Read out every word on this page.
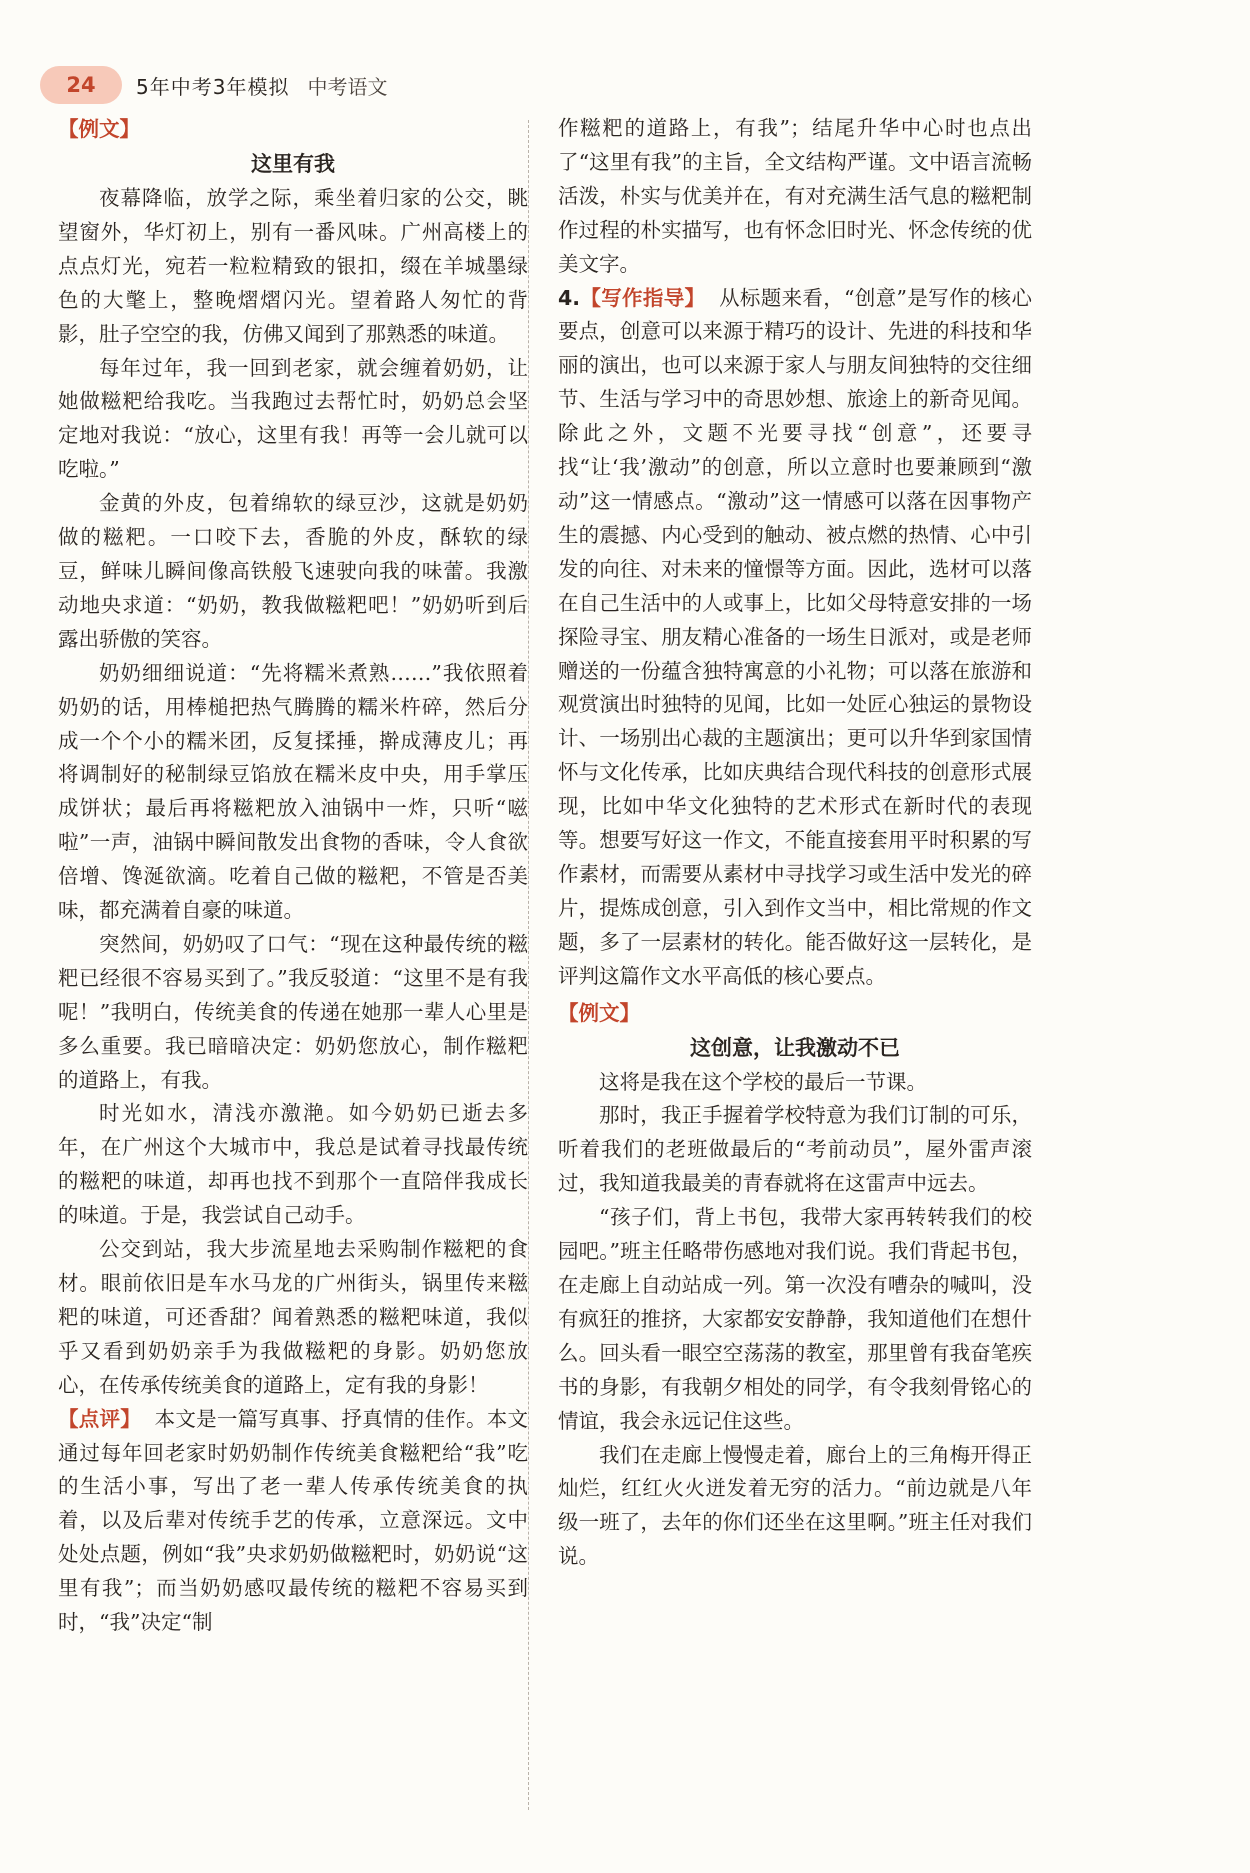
24	5年中考3年模拟 中考语文
【例文】
这里有我

夜幕降临，放学之际，乘坐着归家的公交，眺望窗外，华灯初上，别有一番风味。广州高楼上的点点灯光，宛若一粒粒精致的银扣，缀在羊城墨绿色的大氅上，整晚熠熠闪光。望着路人匆忙的背影，肚子空空的我，仿佛又闻到了那熟悉的味道。

每年过年，我一回到老家，就会缠着奶奶，让她做糍粑给我吃。当我跑过去帮忙时，奶奶总会坚定地对我说：“放心，这里有我！再等一会儿就可以吃啦。”

金黄的外皮，包着绵软的绿豆沙，这就是奶奶做的糍粑。一口咬下去，香脆的外皮，酥软的绿豆，鲜味儿瞬间像高铁般飞速驶向我的味蕾。我激动地央求道：“奶奶，教我做糍粑吧！”奶奶听到后露出骄傲的笑容。

奶奶细细说道：“先将糯米煮熟……”我依照着奶奶的话，用棒槌把热气腾腾的糯米杵碎，然后分成一个个小的糯米团，反复揉捶，擀成薄皮儿；再将调制好的秘制绿豆馅放在糯米皮中央，用手掌压成饼状；最后再将糍粑放入油锅中一炸，只听“嗞啦”一声，油锅中瞬间散发出食物的香味，令人食欲倍增、馋涎欲滴。吃着自己做的糍粑，不管是否美味，都充满着自豪的味道。

突然间，奶奶叹了口气：“现在这种最传统的糍粑已经很不容易买到了。”我反驳道：“这里不是有我呢！”我明白，传统美食的传递在她那一辈人心里是多么重要。我已暗暗决定：奶奶您放心，制作糍粑的道路上，有我。

时光如水，清浅亦激滟。如今奶奶已逝去多年，在广州这个大城市中，我总是试着寻找最传统的糍粑的味道，却再也找不到那个一直陪伴我成长的味道。于是，我尝试自己动手。

公交到站，我大步流星地去采购制作糍粑的食材。眼前依旧是车水马龙的广州街头，锅里传来糍粑的味道，可还香甜？闻着熟悉的糍粑味道，我似乎又看到奶奶亲手为我做糍粑的身影。奶奶您放心，在传承传统美食的道路上，定有我的身影！

【点评】 本文是一篇写真事、抒真情的佳作。本文通过每年回老家时奶奶制作传统美食糍粑给“我”吃的生活小事，写出了老一辈人传承传统美食的执着，以及后辈对传统手艺的传承，立意深远。文中处处点题，例如“我”央求奶奶做糍粑时，奶奶说“这里有我”；而当奶奶感叹最传统的糍粑不容易买到时，“我”决定“制

作糍粑的道路上，有我”；结尾升华中心时也点出了“这里有我”的主旨，全文结构严谨。文中语言流畅活泼，朴实与优美并在，有对充满生活气息的糍粑制作过程的朴实描写，也有怀念旧时光、怀念传统的优美文字。

4.【写作指导】 从标题来看，“创意”是写作的核心要点，创意可以来源于精巧的设计、先进的科技和华丽的演出，也可以来源于家人与朋友间独特的交往细节、生活与学习中的奇思妙想、旅途上的新奇见闻。除此之外，文题不光要寻找“创意”，还要寻找“让‘我’激动”的创意，所以立意时也要兼顾到“激动”这一情感点。“激动”这一情感可以落在因事物产生的震撼、内心受到的触动、被点燃的热情、心中引发的向往、对未来的憧憬等方面。因此，选材可以落在自己生活中的人或事上，比如父母特意安排的一场探险寻宝、朋友精心准备的一场生日派对，或是老师赠送的一份蕴含独特寓意的小礼物；可以落在旅游和观赏演出时独特的见闻，比如一处匠心独运的景物设计、一场别出心裁的主题演出；更可以升华到家国情怀与文化传承，比如庆典结合现代科技的创意形式展现，比如中华文化独特的艺术形式在新时代的表现等。想要写好这一作文，不能直接套用平时积累的写作素材，而需要从素材中寻找学习或生活中发光的碎片，提炼成创意，引入到作文当中，相比常规的作文题，多了一层素材的转化。能否做好这一层转化，是评判这篇作文水平高低的核心要点。

【例文】
这创意，让我激动不已

这将是我在这个学校的最后一节课。

那时，我正手握着学校特意为我们订制的可乐，听着我们的老班做最后的“考前动员”，屋外雷声滚过，我知道我最美的青春就将在这雷声中远去。

“孩子们，背上书包，我带大家再转转我们的校园吧。”班主任略带伤感地对我们说。我们背起书包，在走廊上自动站成一列。第一次没有嘈杂的喊叫，没有疯狂的推挤，大家都安安静静，我知道他们在想什么。回头看一眼空空荡荡的教室，那里曾有我奋笔疾书的身影，有我朝夕相处的同学，有令我刻骨铭心的情谊，我会永远记住这些。

我们在走廊上慢慢走着，廊台上的三角梅开得正灿烂，红红火火迸发着无穷的活力。“前边就是八年级一班了，去年的你们还坐在这里啊。”班主任对我们说。
